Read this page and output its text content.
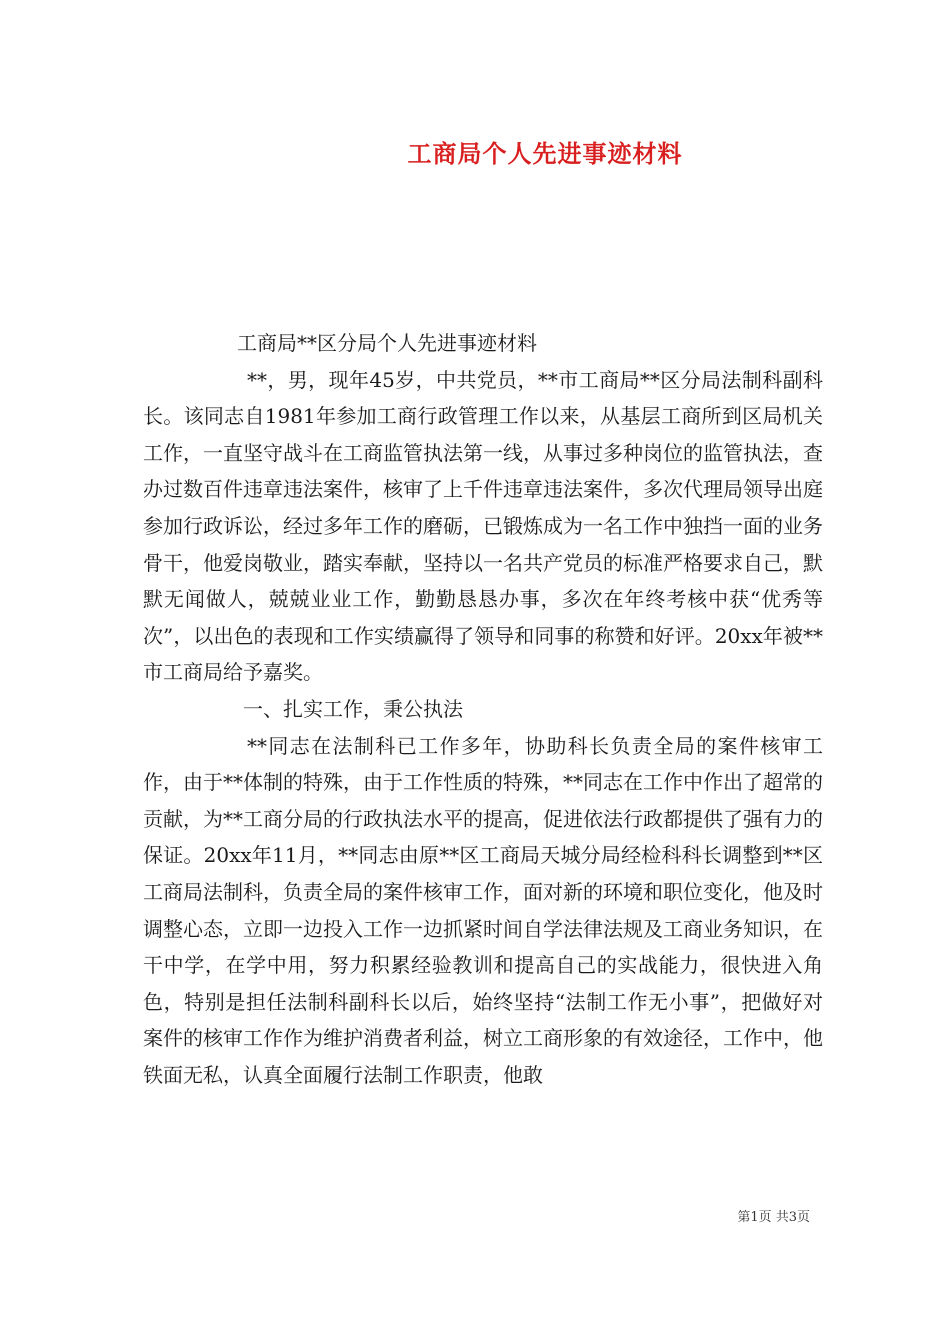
工商局个人先进事迹材料

工商局**区分局个人先进事迹材料

**，男，现年45岁，中共党员，**市工商局**区分局法制科副科长。该同志自1981年参加工商行政管理工作以来，从基层工商所到区局机关工作，一直坚守战斗在工商监管执法第一线，从事过多种岗位的监管执法，查办过数百件违章违法案件，核审了上千件违章违法案件，多次代理局领导出庭参加行政诉讼，经过多年工作的磨砺，已锻炼成为一名工作中独挡一面的业务骨干，他爱岗敬业，踏实奉献，坚持以一名共产党员的标准严格要求自己，默默无闻做人，兢兢业业工作，勤勤恳恳办事，多次在年终考核中获“优秀等次”，以出色的表现和工作实绩赢得了领导和同事的称赞和好评。20xx年被**市工商局给予嘉奖。

一、扎实工作，秉公执法

**同志在法制科已工作多年，协助科长负责全局的案件核审工作，由于**体制的特殊，由于工作性质的特殊，**同志在工作中作出了超常的贡献，为**工商分局的行政执法水平的提高，促进依法行政都提供了强有力的保证。20xx年11月，**同志由原**区工商局天城分局经检科科长调整到**区工商局法制科，负责全局的案件核审工作，面对新的环境和职位变化，他及时调整心态，立即一边投入工作一边抓紧时间自学法律法规及工商业务知识，在干中学，在学中用，努力积累经验教训和提高自己的实战能力，很快进入角色，特别是担任法制科副科长以后，始终坚持“法制工作无小事”，把做好对案件的核审工作作为维护消费者利益，树立工商形象的有效途径，工作中，他铁面无私，认真全面履行法制工作职责，他敢

第1页 共3页
